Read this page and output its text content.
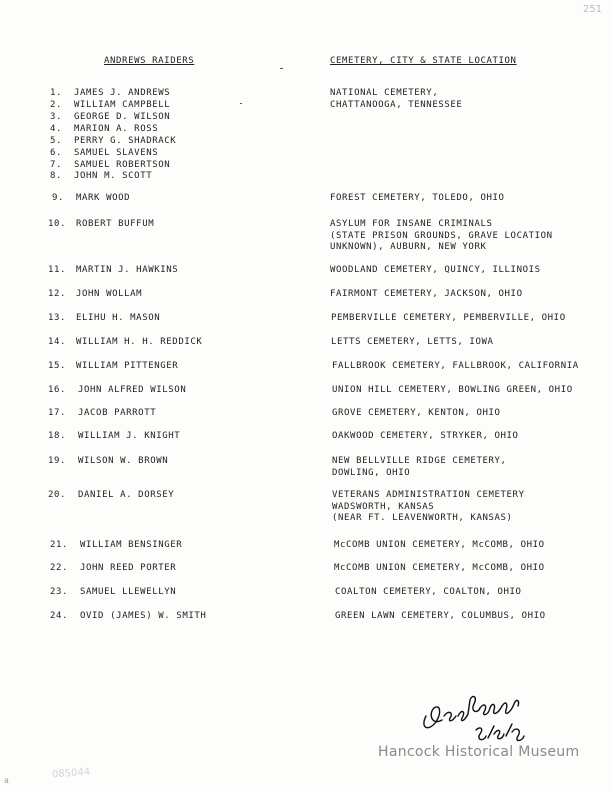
251
ANDREWS RAIDERS	CEMETERY, CITY & STATE LOCATION
1. JAMES J. ANDREWS
2. WILLIAM CAMPBELL
3. GEORGE D. WILSON
4. MARION A. ROSS
5. PERRY G. SHADRACK
6. SAMUEL SLAVENS
7. SAMUEL ROBERTSON
8. JOHN M. SCOTT
9. MARK WOOD
10. ROBERT BUFFUM
11. MARTIN J. HAWKINS
12. JOHN WOLLAM
13. ELIHU H. MASON
14. WILLIAM H. H. REDDICK
15. WILLIAM PITTENGER
16. JOHN ALFRED WILSON
17. JACOB PARROTT
18. WILLIAM J. KNIGHT
19. WILSON W. BROWN
20. DANIEL A. DORSEY
21. WILLIAM BENSINGER
22. JOHN REED PORTER
23. SAMUEL LLEWELLYN
24. OVID (JAMES) W. SMITH
NATIONAL CEMETERY,
CHATTANOOGA, TENNESSEE
FOREST CEMETERY, TOLEDO, OHIO
ASYLUM FOR INSANE CRIMINALS
(STATE PRISON GROUNDS, GRAVE LOCATION
UNKNOWN), AUBURN, NEW YORK
WOODLAND CEMETERY, QUINCY, ILLINOIS
FAIRMONT CEMETERY, JACKSON, OHIO
PEMBERVILLE CEMETERY, PEMBERVILLE, OHIO
LETTS CEMETERY, LETTS, IOWA
FALLBROOK CEMETERY, FALLBROOK, CALIFORNIA
UNION HILL CEMETERY, BOWLING GREEN, OHIO
GROVE CEMETERY, KENTON, OHIO
OAKWOOD CEMETERY, STRYKER, OHIO
NEW BELLVILLE RIDGE CEMETERY,
DOWLING, OHIO
VETERANS ADMINISTRATION CEMETERY
WADSWORTH, KANSAS
(NEAR FT. LEAVENWORTH, KANSAS)
McCOMB UNION CEMETERY, McCOMB, OHIO
McCOMB UNION CEMETERY, McCOMB, OHIO
COALTON CEMETERY, COALTON, OHIO
GREEN LAWN CEMETERY, COLUMBUS, OHIO
Hancock Historical Museum
085044
a
